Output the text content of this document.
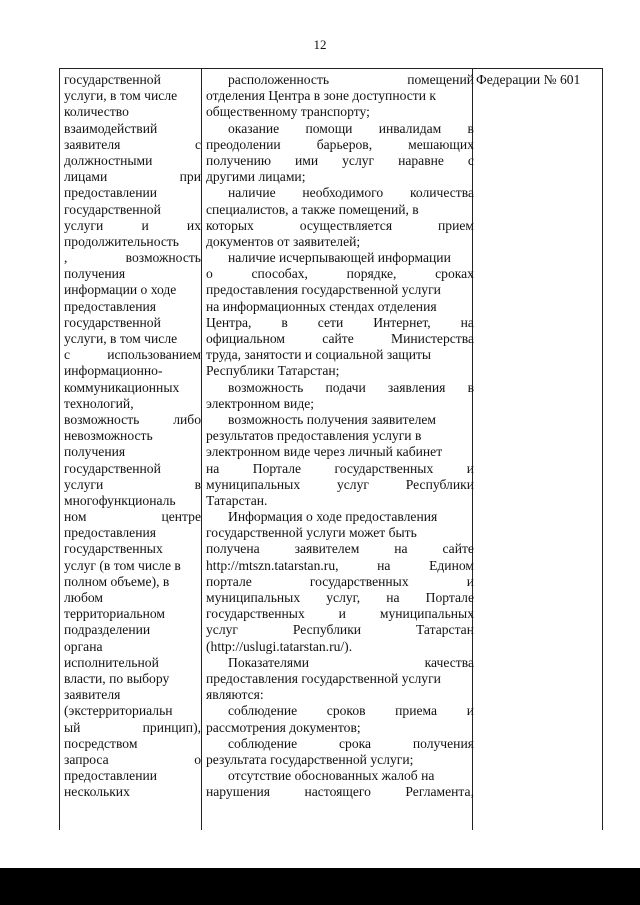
12
государственной
услуги, в том числе
количество
взаимодействий
заявителя	с
должностными
лицами	при
предоставлении
государственной
услуги	и	их
продолжительность
,	возможность
получения
информации о ходе
предоставления
государственной
услуги, в том числе
с	использованием
информационно-
коммуникационных
технологий,
возможность либо
невозможность
получения
государственной
услуги	в
многофункциональ
ном	центре
предоставления
государственных
услуг (в том числе в
полном объеме), в
любом
территориальном
подразделении
органа
исполнительной
власти, по выбору
заявителя
(экстерриториальн
ый	принцип),
посредством
запроса	о
предоставлении
нескольких
расположенность	помещений
отделения Центра в зоне доступности к
общественному транспорту;
оказание помощи инвалидам в
преодолении	барьеров,	мешающих
получению ими услуг наравне с
другими лицами;
наличие необходимого количества
специалистов, а также помещений, в
которых	осуществляется	прием
документов от заявителей;
наличие исчерпывающей информации
о	способах,	порядке,	сроках
предоставления государственной услуги
на информационных стендах отделения
Центра, в сети Интернет, на
официальном	сайте	Министерства
труда, занятости и социальной защиты
Республики Татарстан;
возможность подачи заявления в
электронном виде;
возможность получения заявителем
результатов предоставления услуги в
электронном виде через личный кабинет
на Портале государственных и
муниципальных	услуг	Республики
Татарстан.
Информация о ходе предоставления
государственной услуги может быть
получена	заявителем	на	сайте
http://mtszn.tatarstan.ru,	на	Едином
портале	государственных	и
муниципальных услуг, на Портале
государственных и муниципальных
услуг	Республики	Татарстан
(http://uslugi.tatarstan.ru/).
Показателями	качества
предоставления государственной услуги
являются:
соблюдение сроков приема и
рассмотрения документов;
соблюдение	срока	получения
результата государственной услуги;
отсутствие обоснованных жалоб на
нарушения	настоящего	Регламента,
Федерации № 601
